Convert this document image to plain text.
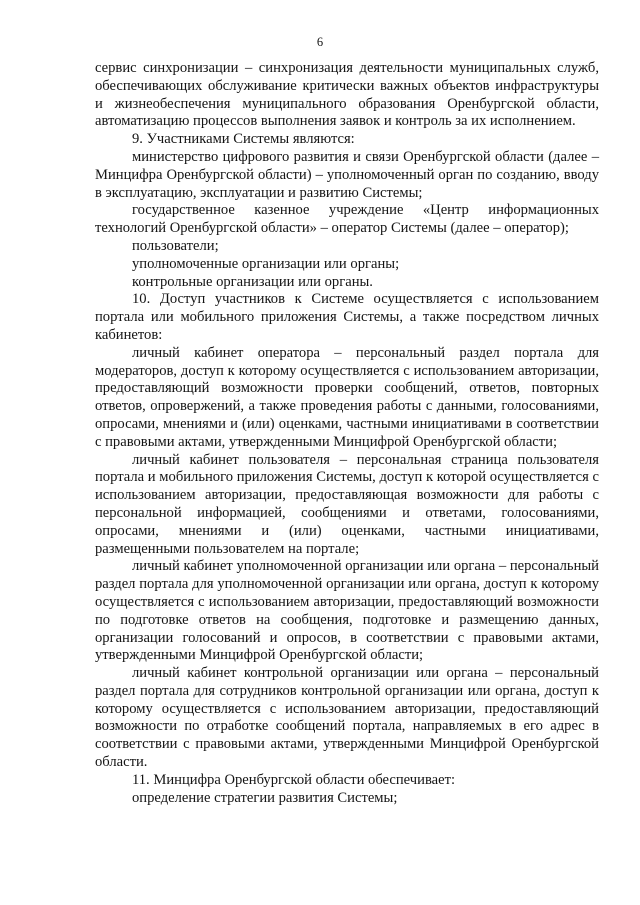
6

сервис синхронизации – синхронизация деятельности муниципальных служб, обеспечивающих обслуживание критически важных объектов инфраструктуры и жизнеобеспечения муниципального образования Оренбургской области, автоматизацию процессов выполнения заявок и контроль за их исполнением.

9. Участниками Системы являются:

министерство цифрового развития и связи Оренбургской области (далее – Минцифра Оренбургской области) – уполномоченный орган по созданию, вводу в эксплуатацию, эксплуатации и развитию Системы;

государственное казенное учреждение «Центр информационных технологий Оренбургской области» – оператор Системы (далее – оператор);

пользователи;

уполномоченные организации или органы;

контрольные организации или органы.

10. Доступ участников к Системе осуществляется с использованием портала или мобильного приложения Системы, а также посредством личных кабинетов:

личный кабинет оператора – персональный раздел портала для модераторов, доступ к которому осуществляется с использованием авторизации, предоставляющий возможности проверки сообщений, ответов, повторных ответов, опровержений, а также проведения работы с данными, голосованиями, опросами, мнениями и (или) оценками, частными инициативами в соответствии с правовыми актами, утвержденными Минцифрой Оренбургской области;

личный кабинет пользователя – персональная страница пользователя портала и мобильного приложения Системы, доступ к которой осуществляется с использованием авторизации, предоставляющая возможности для работы с персональной информацией, сообщениями и ответами, голосованиями, опросами, мнениями и (или) оценками, частными инициативами, размещенными пользователем на портале;

личный кабинет уполномоченной организации или органа – персональный раздел портала для уполномоченной организации или органа, доступ к которому осуществляется с использованием авторизации, предоставляющий возможности по подготовке ответов на сообщения, подготовке и размещению данных, организации голосований и опросов, в соответствии с правовыми актами, утвержденными Минцифрой Оренбургской области;

личный кабинет контрольной организации или органа – персональный раздел портала для сотрудников контрольной организации или органа, доступ к которому осуществляется с использованием авторизации, предоставляющий возможности по отработке сообщений портала, направляемых в его адрес в соответствии с правовыми актами, утвержденными Минцифрой Оренбургской области.

11. Минцифра Оренбургской области обеспечивает:

определение стратегии развития Системы;
